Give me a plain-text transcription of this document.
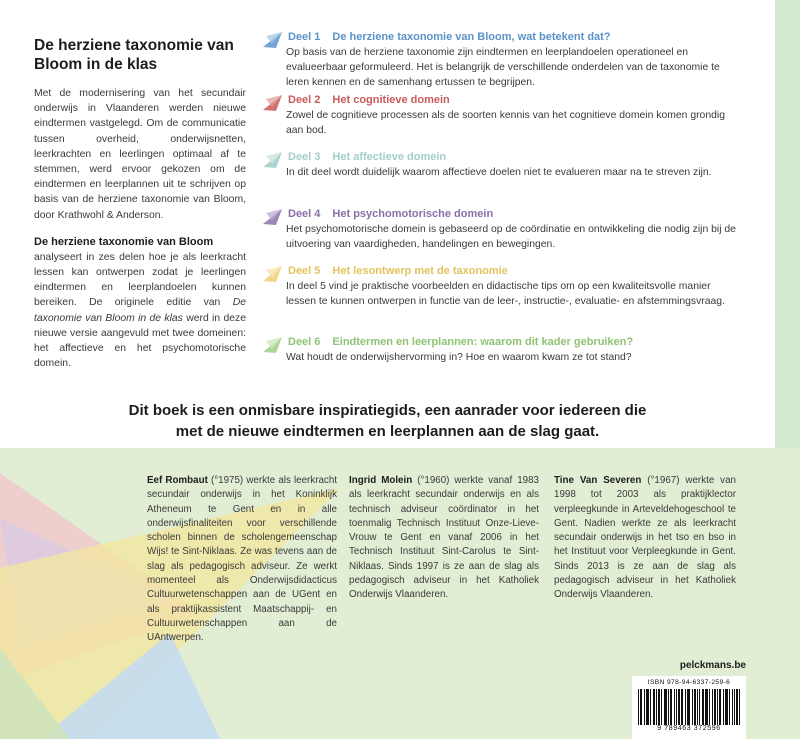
De herziene taxonomie van Bloom in de klas

Met de modernisering van het secundair onderwijs in Vlaanderen werden nieuwe eindtermen vastgelegd. Om de communicatie tussen overheid, onderwijsnetten, leerkrachten en leerlingen optimaal af te stemmen, werd ervoor gekozen om de eindtermen en leerplannen uit te schrijven op basis van de herziene taxonomie van Bloom, door Krathwohl & Anderson.

De herziene taxonomie van Bloom

analyseert in zes delen hoe je als leerkracht lessen kan ontwerpen zodat je leerlingen eindtermen en leerplandoelen kunnen bereiken. De originele editie van De taxonomie van Bloom in de klas werd in deze nieuwe versie aangevuld met twee domeinen: het affectieve en het psychomotorische domein.

Deel 1 De herziene taxonomie van Bloom, wat betekent dat?
Op basis van de herziene taxonomie zijn eindtermen en leerplandoelen operationeel en evalueerbaar geformuleerd. Het is belangrijk de verschillende onderdelen van de taxonomie te leren kennen en de samenhang ertussen te begrijpen.
Deel 2 Het cognitieve domein
Zowel de cognitieve processen als de soorten kennis van het cognitieve domein komen grondig aan bod.
Deel 3 Het affectieve domein
In dit deel wordt duidelijk waarom affectieve doelen niet te evalueren maar na te streven zijn.
Deel 4 Het psychomotorische domein
Het psychomotorische domein is gebaseerd op de coördinatie en ontwikkeling die nodig zijn bij de uitvoering van vaardigheden, handelingen en bewegingen.
Deel 5 Het lesontwerp met de taxonomie
In deel 5 vind je praktische voorbeelden en didactische tips om op een kwaliteitsvolle manier lessen te kunnen ontwerpen in functie van de leer-, instructie-, evaluatie- en afstemmingsvraag.
Deel 6 Eindtermen en leerplannen: waarom dit kader gebruiken?
Wat houdt de onderwijshervorming in? Hoe en waarom kwam ze tot stand?
Dit boek is een onmisbare inspiratiegids, een aanrader voor iedereen die
met de nieuwe eindtermen en leerplannen aan de slag gaat.
Eef Rombaut (°1975) werkte als leerkracht secundair onderwijs in het Koninklijk Atheneum te Gent en in alle onderwijsfinaliteiten voor verschillende scholen binnen de scholengemeenschap Wijs! te Sint-Niklaas. Ze was tevens aan de slag als pedagogisch adviseur. Ze werkt momenteel als Onderwijsdidacticus Cultuurwetenschappen aan de UGent en als praktijkassistent Maatschappij- en Cultuurwetenschappen aan de UAntwerpen.
Ingrid Molein (°1960) werkte vanaf 1983 als leerkracht secundair onderwijs en als technisch adviseur coördinator in het toenmalig Technisch Instituut Onze-Lieve-Vrouw te Gent en vanaf 2006 in het Technisch Instituut Sint-Carolus te Sint-Niklaas. Sinds 1997 is ze aan de slag als pedagogisch adviseur in het Katholiek Onderwijs Vlaanderen.
Tine Van Severen (°1967) werkte van 1998 tot 2003 als praktijklector verpleegkunde in Arteveldehogeschool te Gent. Nadien werkte ze als leerkracht secundair onderwijs in het tso en bso in het Instituut voor Verpleegkunde in Gent. Sinds 2013 is ze aan de slag als pedagogisch adviseur in het Katholiek Onderwijs Vlaanderen.
pelckmans.be
ISBN 978-94-6337-259-6
9 789463 372596
